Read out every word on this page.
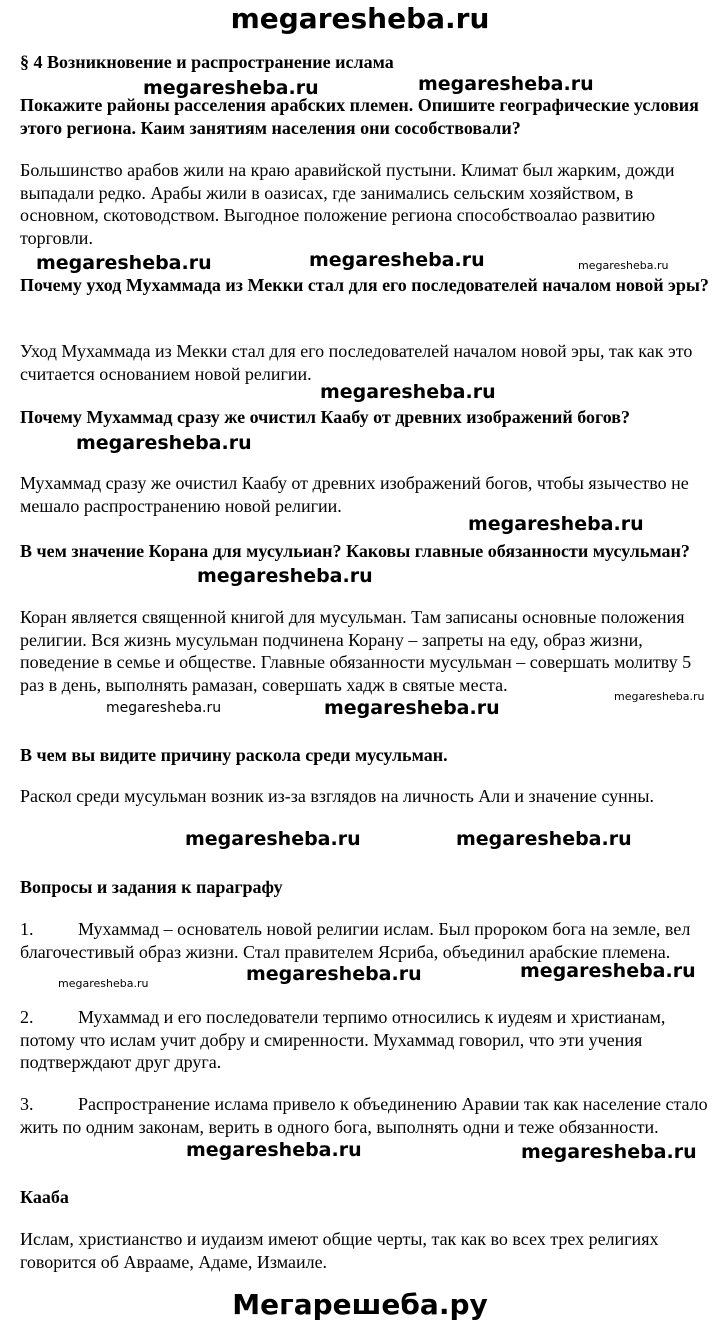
megaresheba.ru
§ 4 Возникновение и распространение ислама
Покажите районы расселения арабских племен. Опишите географические условия этого региона. Каим занятиям населения они сособствовали?
Большинство арабов жили на краю аравийской пустыни. Климат был жарким, дожди выпадали редко. Арабы жили в оазисах, где занимались сельским хозяйством, в основном, скотоводством. Выгодное положение региона способствоалао развитию торговли.
Почему уход Мухаммада из Мекки стал для его последователей началом новой эры?
Уход Мухаммада из Мекки стал для его последователей началом новой эры, так как это считается основанием новой религии.
Почему Мухаммад сразу же очистил Каабу от древних изображений богов?
Мухаммад сразу же очистил Каабу от древних изображений богов, чтобы язычество не мешало распространению новой религии.
В чем значение Корана для мусульиан? Каковы главные обязанности мусульман?
Коран является священной книгой для мусульман. Там записаны основные положения религии. Вся жизнь мусульман подчинена Корану – запреты на еду, образ жизни, поведение в семье и обществе. Главные обязанности мусульман – совершать молитву 5 раз в день, выполнять рамазан, совершать хадж в святые места.
В чем вы видите причину раскола среди мусульман.
Раскол среди мусульман возник из-за взглядов на личность Али и значение сунны.
Вопросы и задания к параграфу
1. Мухаммад – основатель новой религии ислам. Был пророком бога на земле, вел благочестивый образ жизни. Стал правителем Ясриба, объединил арабские племена.
2. Мухаммад и его последователи терпимо относились к иудеям и христианам, потому что ислам учит добру и смиренности. Мухаммад говорил, что эти учения подтверждают друг друга.
3. Распространение ислама привело к объединению Аравии так как население стало жить по одним законам, верить в одного бога, выполнять одни и теже обязанности.
Кааба
Ислам, христианство и иудаизм имеют общие черты, так как во всех трех религиях говорится об Аврааме, Адаме, Измаиле.
megaresheba.ru	megaresheba.ru
megaresheba.ru	megaresheba.ru
megaresheba.ru
megaresheba.ru
megaresheba.ru
megaresheba.ru
megaresheba.ru
megaresheba.ru	megaresheba.ru
megaresheba.ru	megaresheba.ru
megaresheba.ru	megaresheba.ru
megaresheba.ru
megaresheba.ru
megaresheba.ru
megaresheba.ru
Мегарешеба.ру
